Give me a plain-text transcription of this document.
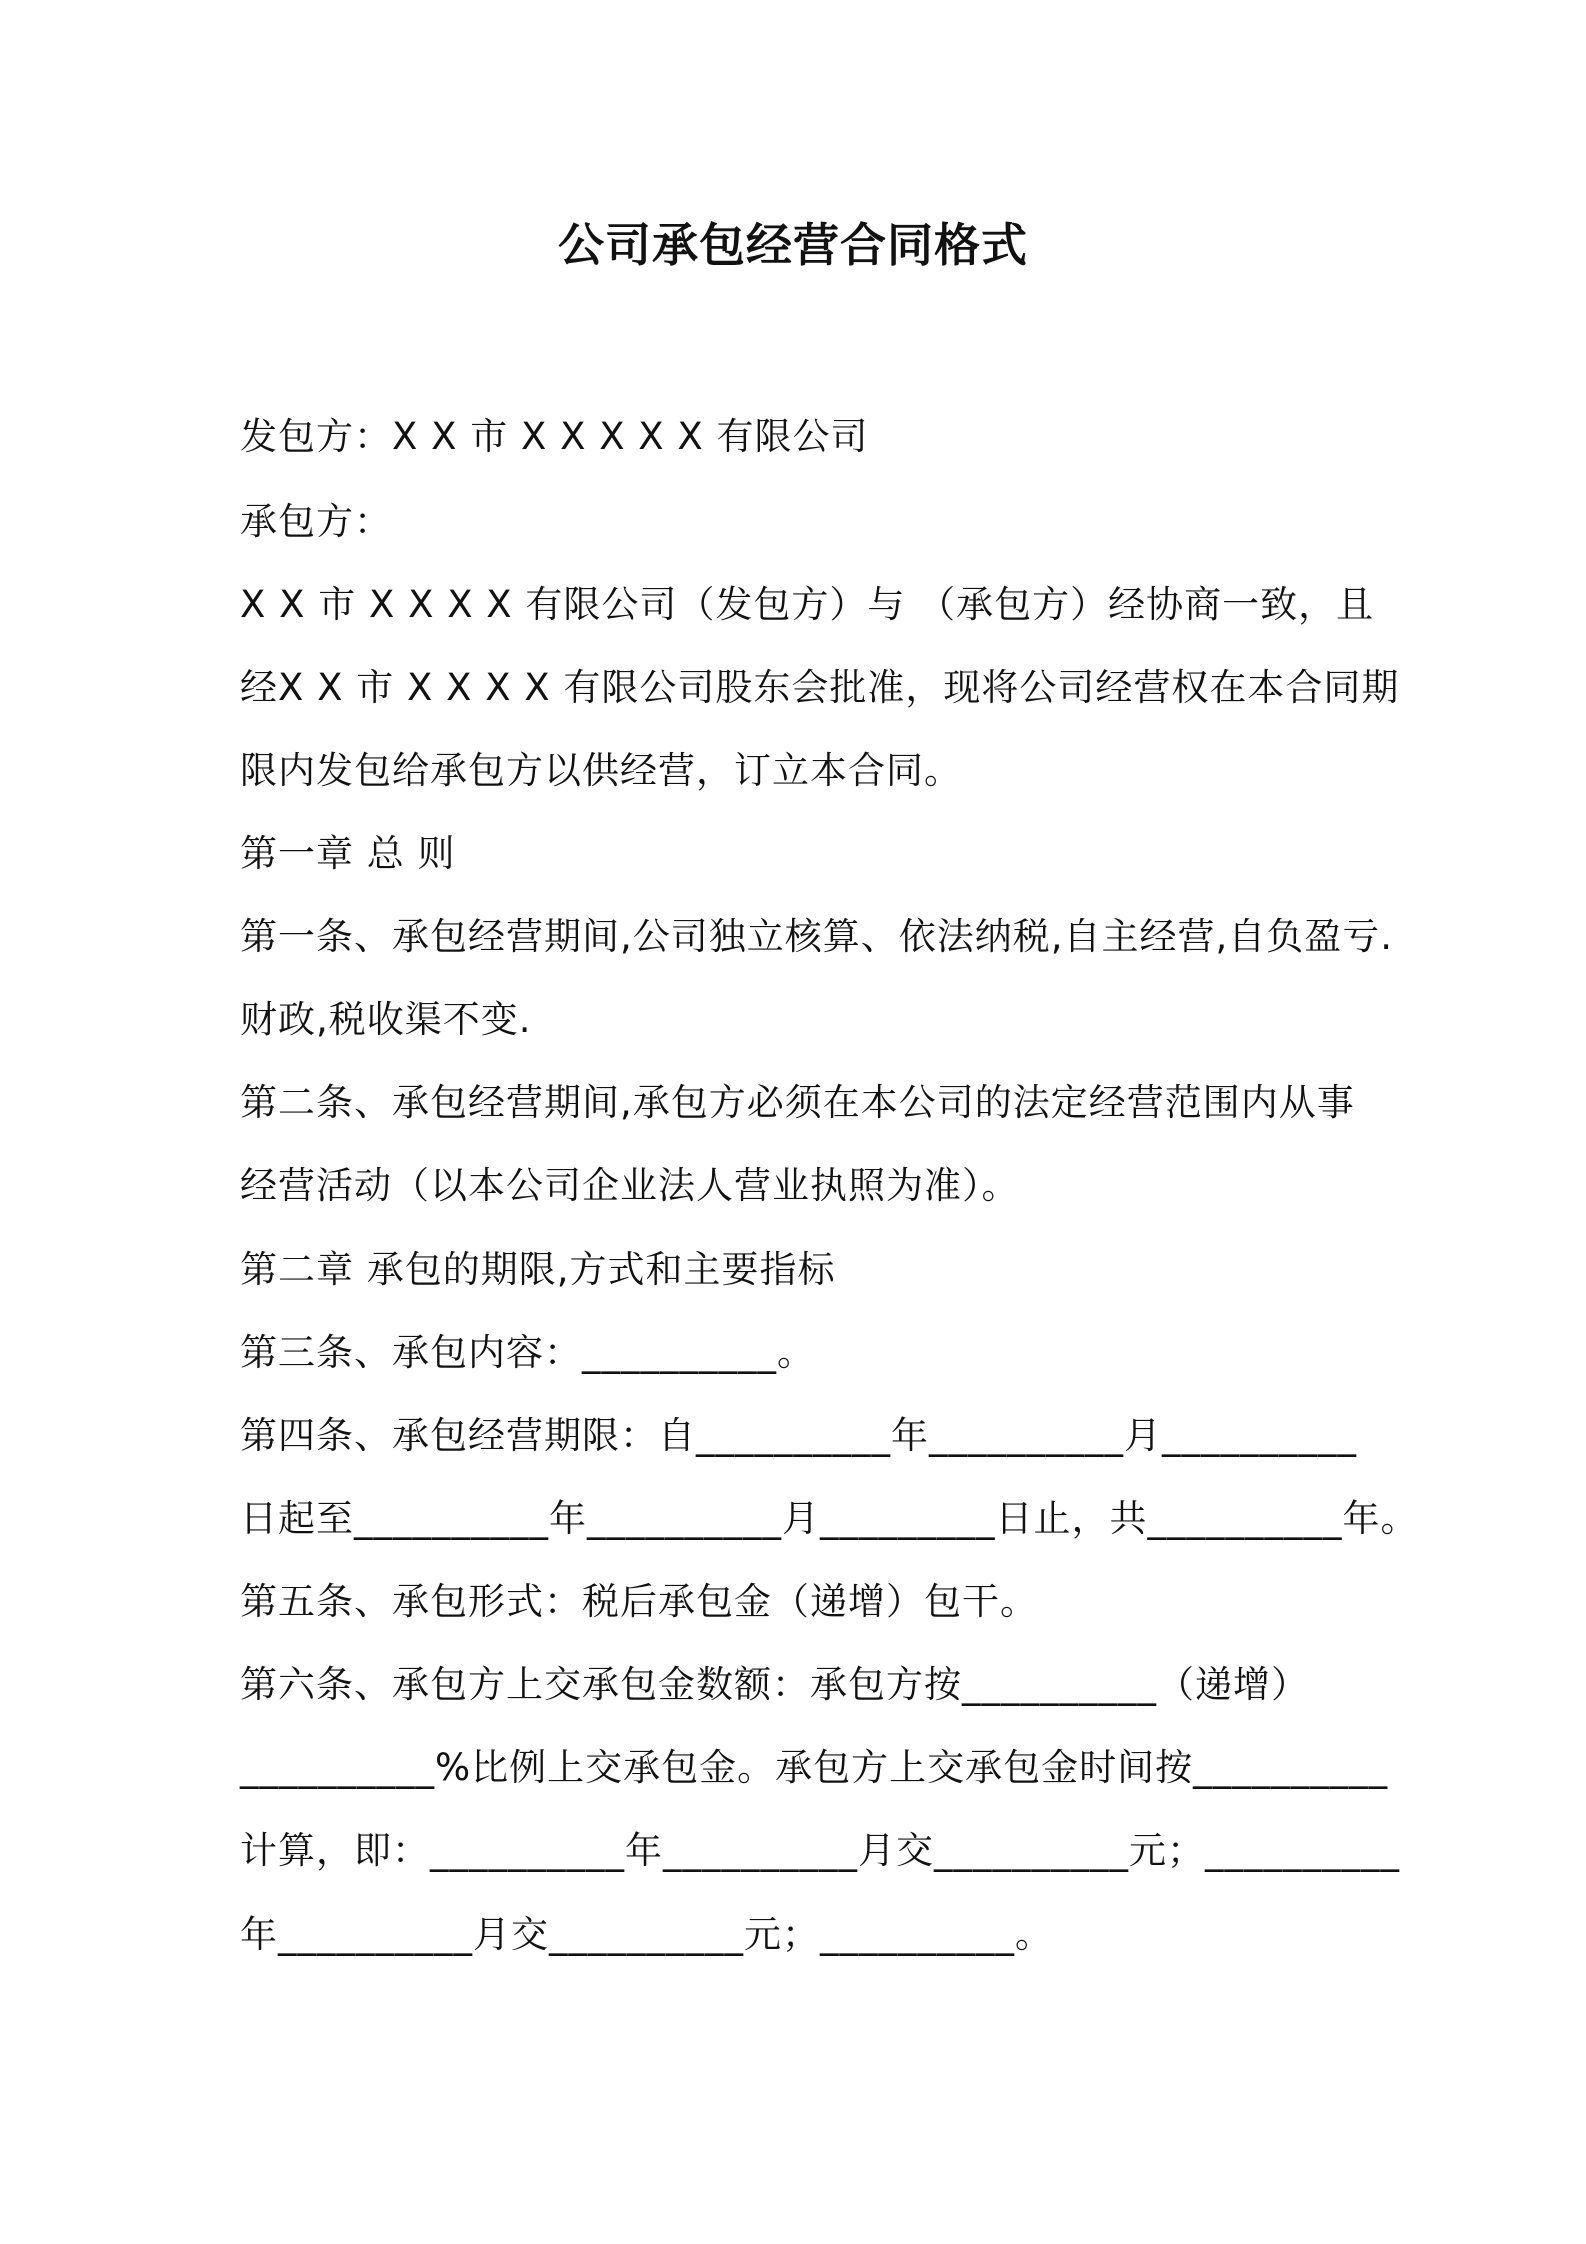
公司承包经营合同格式
发包方：X X 市 X X X X X 有限公司
承包方：
X X 市 X X X X 有限公司（发包方）与 （承包方）经协商一致，且
经X X 市 X X X X 有限公司股东会批准，现将公司经营权在本合同期
限内发包给承包方以供经营，订立本合同。
第一章 总 则
第一条、承包经营期间,公司独立核算、依法纳税,自主经营,自负盈亏.
财政,税收渠不变.
第二条、承包经营期间,承包方必须在本公司的法定经营范围内从事
经营活动（以本公司企业法人营业执照为准）。
第二章 承包的期限,方式和主要指标
第三条、承包内容：__________。
第四条、承包经营期限：自__________年__________月__________
日起至__________年__________月_________日止，共__________年。
第五条、承包形式：税后承包金（递增）包干。
第六条、承包方上交承包金数额：承包方按__________（递增）
__________%比例上交承包金。承包方上交承包金时间按__________
计算，即：__________年__________月交__________元；__________
年__________月交__________元；__________。
